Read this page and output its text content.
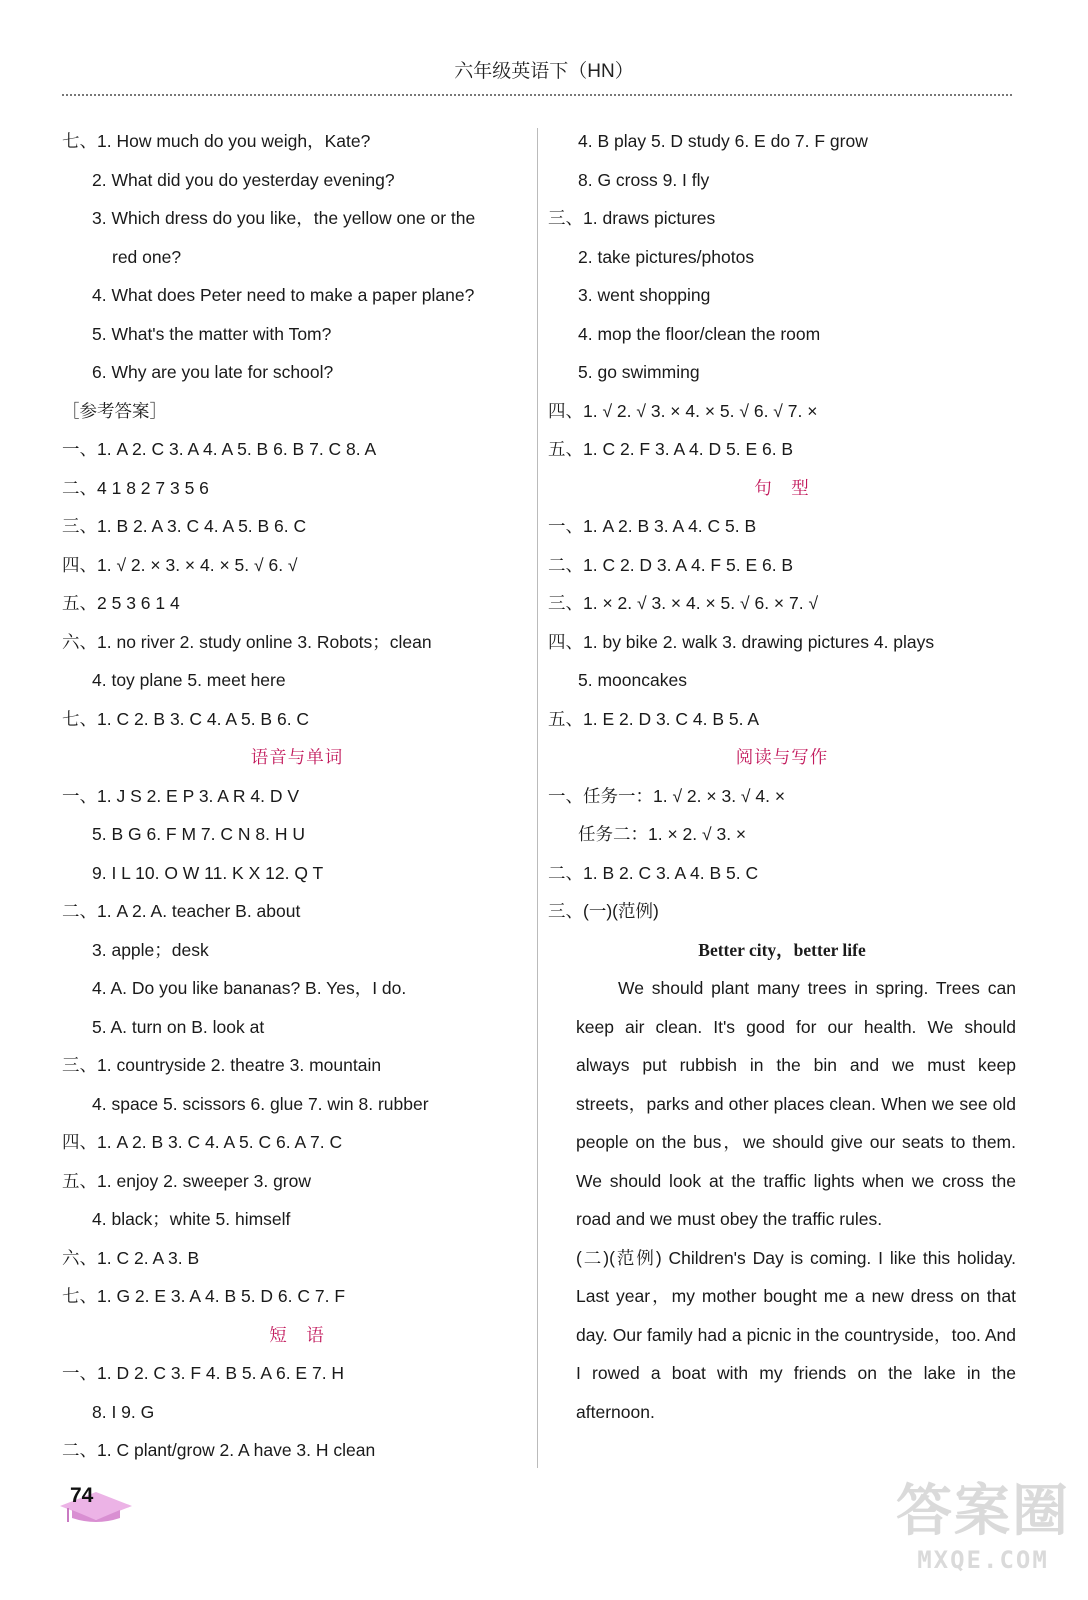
六年级英语下（HN）
七、1. How much do you weigh，Kate?
2. What did you do yesterday evening?
3. Which dress do you like，the yellow one or the
red one?
4. What does Peter need to make a paper plane?
5. What's the matter with Tom?
6. Why are you late for school?
［参考答案］
一、1. A 2. C 3. A 4. A 5. B 6. B 7. C 8. A
二、4 1 8 2 7 3 5 6
三、1. B 2. A 3. C 4. A 5. B 6. C
四、1. √ 2. × 3. × 4. × 5. √ 6. √
五、2 5 3 6 1 4
六、1. no river 2. study online 3. Robots；clean
4. toy plane 5. meet here
七、1. C 2. B 3. C 4. A 5. B 6. C
语音与单词
一、1. J S 2. E P 3. A R 4. D V
5. B G 6. F M 7. C N 8. H U
9. I L 10. O W 11. K X 12. Q T
二、1. A 2. A. teacher B. about
3. apple；desk
4. A. Do you like bananas? B. Yes，I do.
5. A. turn on B. look at
三、1. countryside 2. theatre 3. mountain
4. space 5. scissors 6. glue 7. win 8. rubber
四、1. A 2. B 3. C 4. A 5. C 6. A 7. C
五、1. enjoy 2. sweeper 3. grow
4. black；white 5. himself
六、1. C 2. A 3. B
七、1. G 2. E 3. A 4. B 5. D 6. C 7. F
短　语
一、1. D 2. C 3. F 4. B 5. A 6. E 7. H
8. I 9. G
二、1. C plant/grow 2. A have 3. H clean
4. B play 5. D study 6. E do 7. F grow
8. G cross 9. I fly
三、1. draws pictures
2. take pictures/photos
3. went shopping
4. mop the floor/clean the room
5. go swimming
四、1. √ 2. √ 3. × 4. × 5. √ 6. √ 7. ×
五、1. C 2. F 3. A 4. D 5. E 6. B
句　型
一、1. A 2. B 3. A 4. C 5. B
二、1. C 2. D 3. A 4. F 5. E 6. B
三、1. × 2. √ 3. × 4. × 5. √ 6. × 7. √
四、1. by bike 2. walk 3. drawing pictures 4. plays
5. mooncakes
五、1. E 2. D 3. C 4. B 5. A
阅读与写作
一、任务一：1. √ 2. × 3. √ 4. ×
任务二：1. × 2. √ 3. ×
二、1. B 2. C 3. A 4. B 5. C
三、(一)(范例)
Better city，better life
We should plant many trees in spring. Trees can keep air clean. It's good for our health. We should always put rubbish in the bin and we must keep streets，parks and other places clean. When we see old people on the bus，we should give our seats to them. We should look at the traffic lights when we cross the road and we must obey the traffic rules.
(二)(范例) Children's Day is coming. I like this holiday. Last year，my mother bought me a new dress on that day. Our family had a picnic in the countryside，too. And I rowed a boat with my friends on the lake in the afternoon.
74	答案圈
MXQE.COM
